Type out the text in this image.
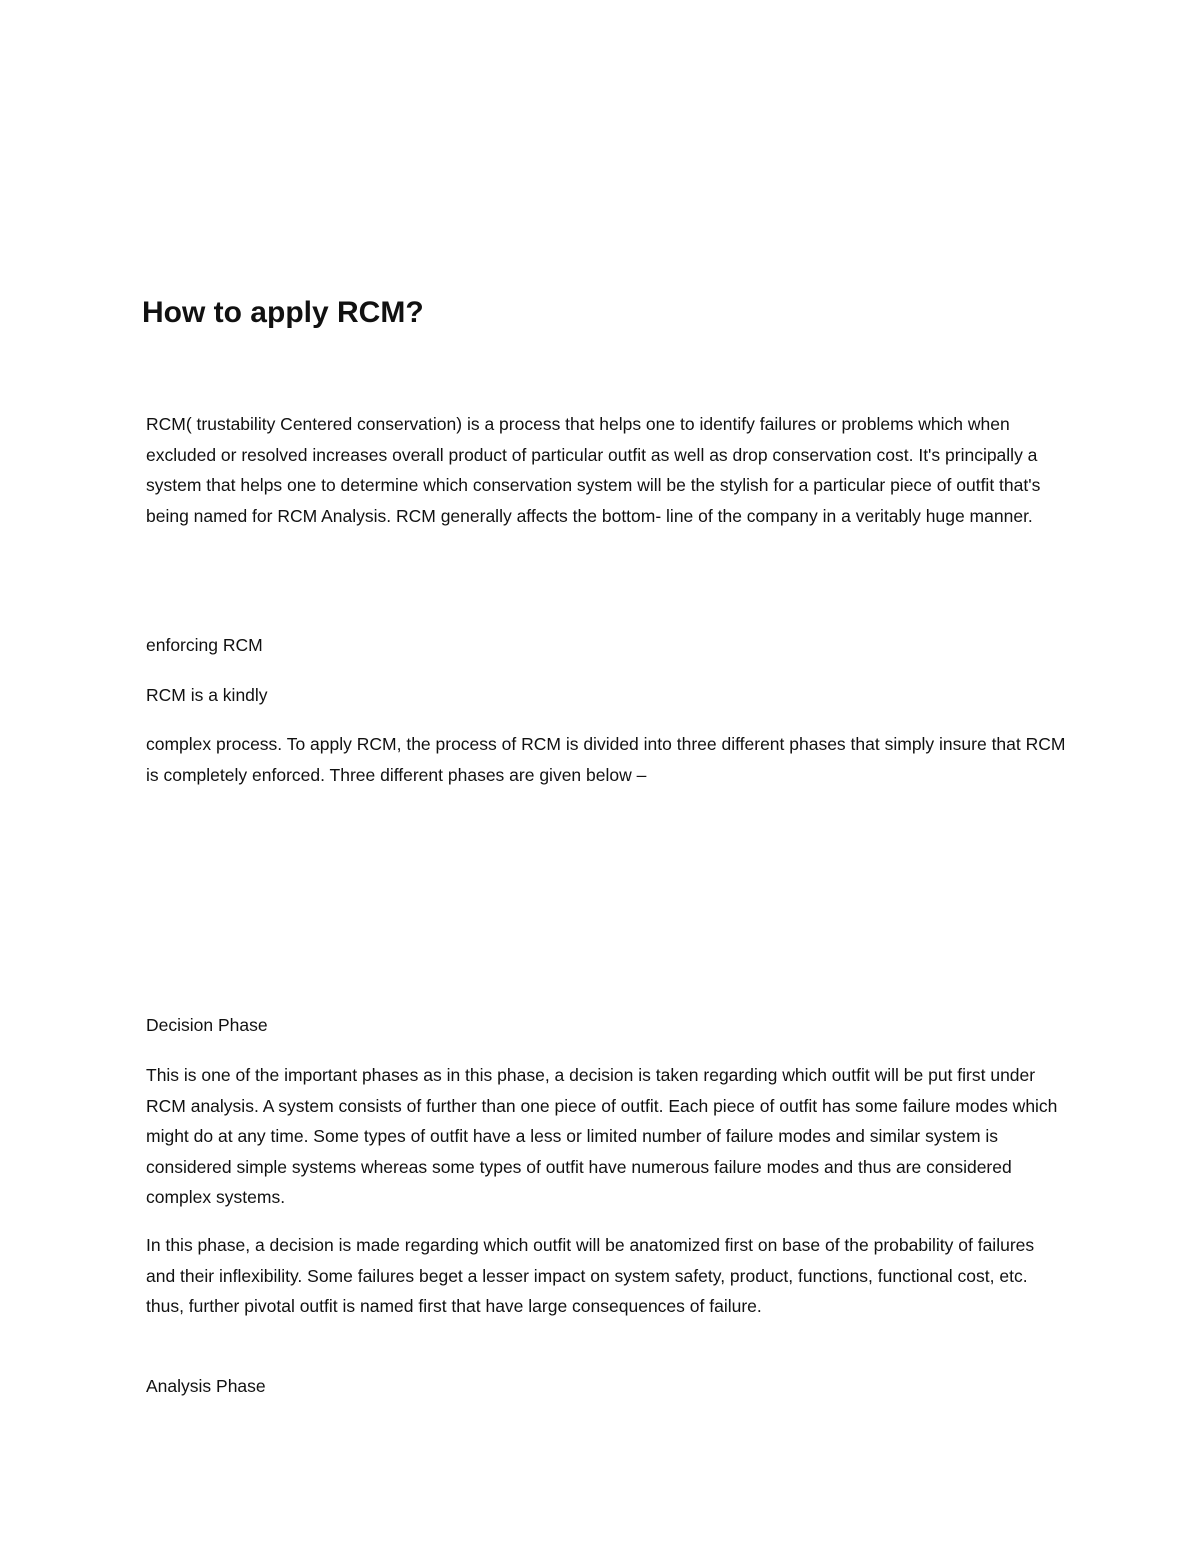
How to apply RCM?

RCM( trustability Centered conservation) is a process that helps one to identify failures or problems which when excluded or resolved increases overall product of particular outfit as well as drop conservation cost. It's principally a system that helps one to determine which conservation system will be the stylish for a particular piece of outfit that's being named for RCM Analysis. RCM generally affects the bottom- line of the company in a veritably huge manner.

enforcing RCM

RCM is a kindly

complex process. To apply RCM, the process of RCM is divided into three different phases that simply insure that RCM is completely enforced. Three different phases are given below –

Decision Phase

This is one of the important phases as in this phase, a decision is taken regarding which outfit will be put first under RCM analysis. A system consists of further than one piece of outfit. Each piece of outfit has some failure modes which might do at any time. Some types of outfit have a less or limited number of failure modes and similar system is considered simple systems whereas some types of outfit have numerous failure modes and thus are considered complex systems.

In this phase, a decision is made regarding which outfit will be anatomized first on base of the probability of failures and their inflexibility. Some failures beget a lesser impact on system safety, product, functions, functional cost, etc. thus, further pivotal outfit is named first that have large consequences of failure.

Analysis Phase
